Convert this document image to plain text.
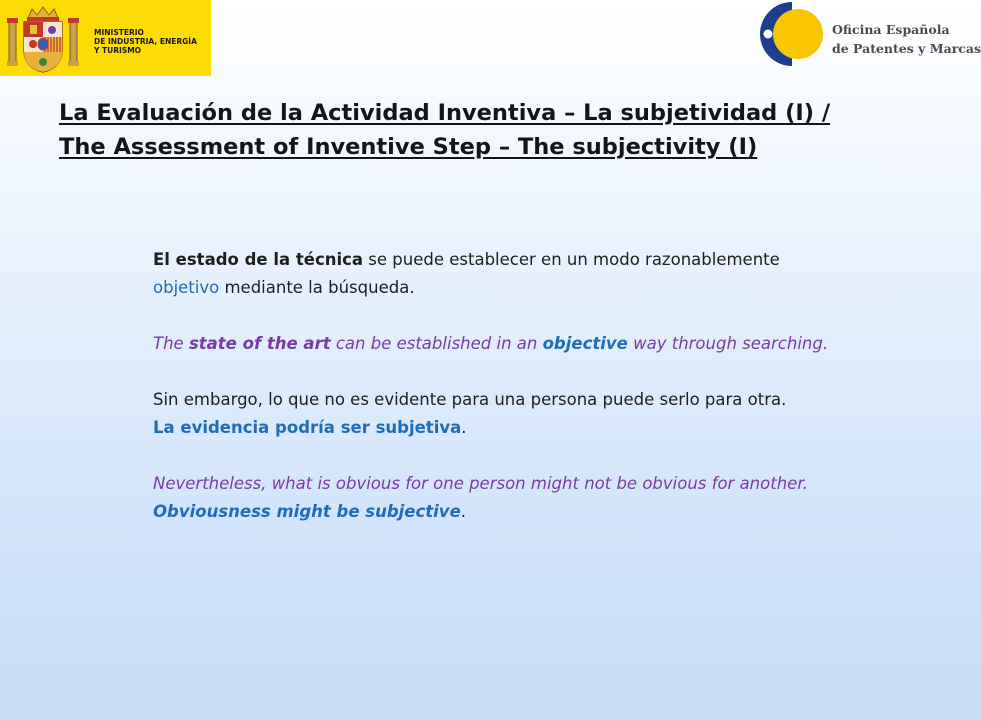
MINISTERIO
DE INDUSTRIA, ENERGÍA
Y TURISMO
Oficina Española
de Patentes y Marcas
La Evaluación de la Actividad Inventiva – La subjetividad (I) /
The Assessment of Inventive Step – The subjectivity (I)
El estado de la técnica se puede establecer en un modo razonablemente
objetivo mediante la búsqueda.
The state of the art can be established in an objective way through searching.
Sin embargo, lo que no es evidente para una persona puede serlo para otra.
La evidencia podría ser subjetiva.
Nevertheless, what is obvious for one person might not be obvious for another.
Obviousness might be subjective.
